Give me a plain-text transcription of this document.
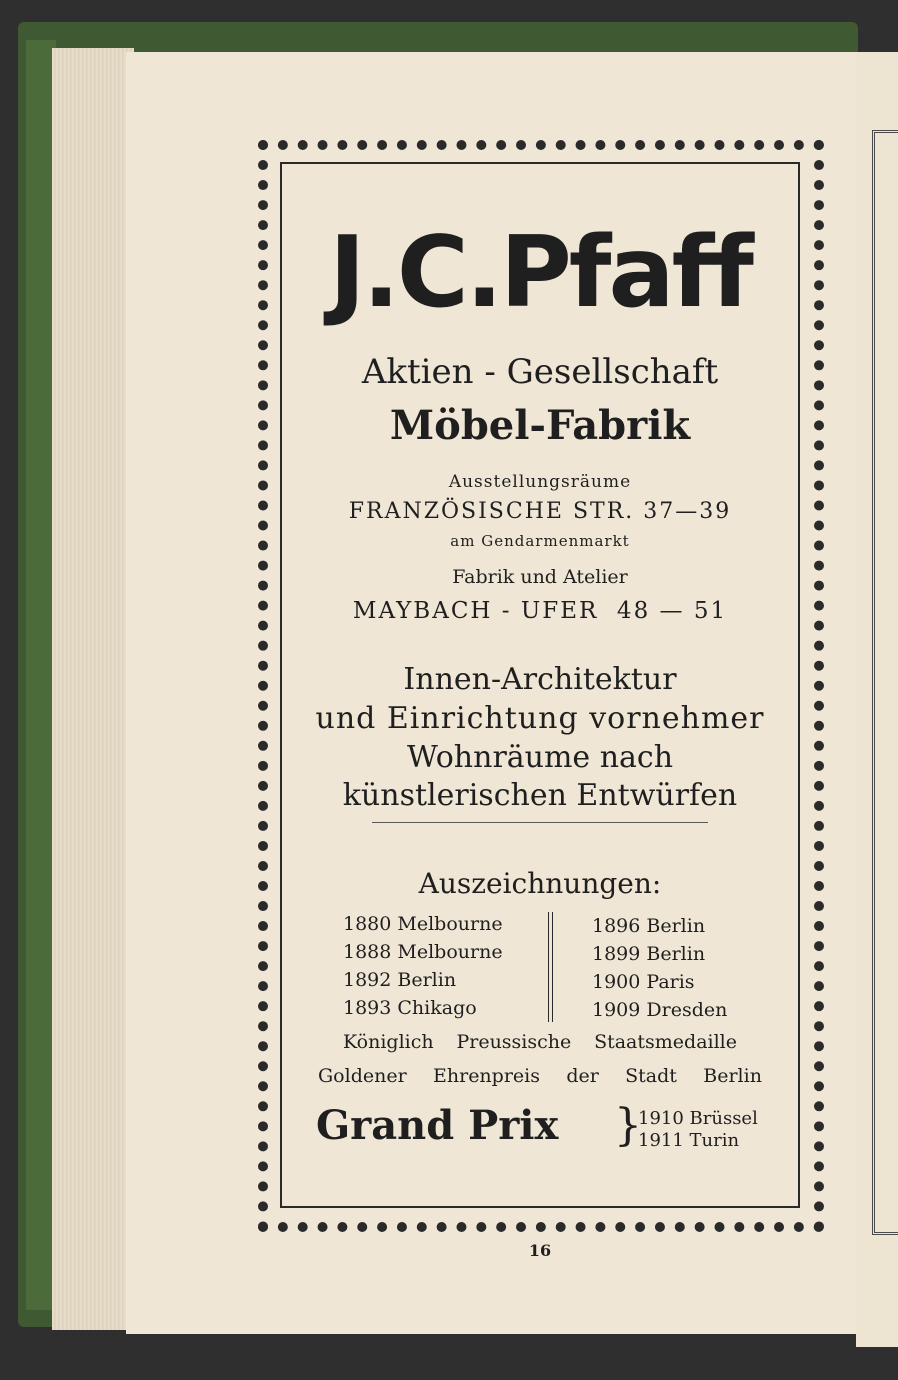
J.C.Pfaff
Aktien - Gesellschaft
Möbel-Fabrik
Ausstellungsräume
FRANZÖSISCHE STR. 37—39
am Gendarmenmarkt
Fabrik und Atelier
MAYBACH - UFER  48 — 51
Innen-Architektur
und Einrichtung vornehmer
Wohnräume nach
künstlerischen Entwürfen
Auszeichnungen:
1880 Melbourne
1888 Melbourne
1892 Berlin
1893 Chikago
1896 Berlin
1899 Berlin
1900 Paris
1909 Dresden
Königlich Preussische Staatsmedaille
Goldener Ehrenpreis der Stadt Berlin
Grand Prix }
1910 Brüssel
1911 Turin
16
